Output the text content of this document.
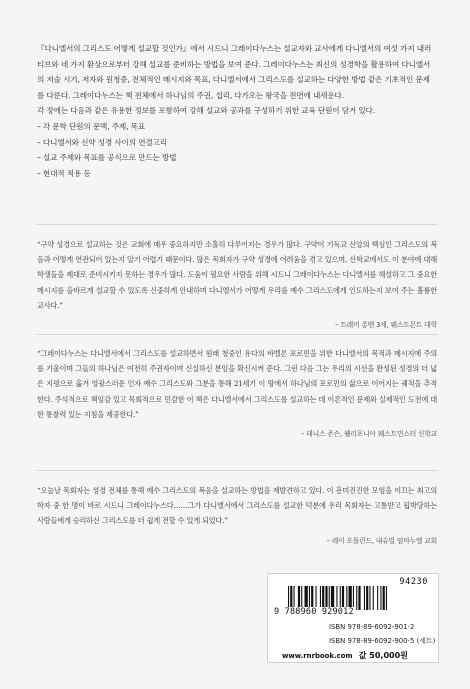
『다니엘서의 그리스도 어떻게 설교할 것인가』에서 시드니 그레이다누스는 설교자와 교사에게 다니엘서의 여섯 가지 내러티브와 네 가지 환상으로부터 강해 설교를 준비하는 방법을 보여 준다. 그레이다누스는 최신의 성경학을 활용하여 다니엘서의 저술 시기, 저자와 원청중, 전체적인 메시지와 목표, 다니엘서에서 그리스도를 설교하는 다양한 방법 같은 기초적인 문제를 다룬다. 그레이다누스는 책 전체에서 하나님의 주권, 섭리, 다가오는 왕국을 전면에 내세운다.

각 장에는 다음과 같은 유용한 정보를 포함하여 강해 설교와 공과를 구성하기 위한 교육 단원이 담겨 있다.

– 각 문학 단원의 문맥, 주제, 목표
– 다니엘서와 신약 성경 사이의 연결고리
– 설교 주제와 목표를 공식으로 만드는 방법
– 현대적 적용 등

“구약 성경으로 설교하는 것은 교회에 매우 중요하지만 소홀히 다루어지는 경우가 많다. 구약이 기독교 신앙의 핵심인 그리스도의 복음과 어떻게 연관되어 있는지 알기 어렵기 때문이다. 많은 목회자가 구약 성경에 어려움을 겪고 있으며, 신학교에서도 이 분야에 대해 학생들을 제대로 준비시키지 못하는 경우가 많다. 도움이 필요한 사람을 위해 시드니 그레이다누스는 다니엘서를 해설하고 그 중요한 메시지를 올바르게 설교할 수 있도록 신중하게 안내하며 다니엘서가 어떻게 우리를 예수 그리스도에게 인도하는지 보여 주는 훌륭한 교사다.”

– 트레머 롱맨 3세, 웨스트몬트 대학

“그레이다누스는 다니엘서에서 그리스도를 설교하면서 원래 청중인 유다의 바벨론 포로민을 위한 다니엘서의 목적과 메시지에 주의를 기울이며 그들의 하나님은 여전히 주권자이며 신실하신 분임을 확신시켜 준다. 그런 다음 그는 우리의 시선을 완성된 성경의 더 넓은 지평으로 옮겨 영광스러운 인자 예수 그리스도와 그분을 통해 21세기 이 땅에서 하나님의 포로민의 삶으로 이어지는 궤적을 추적한다. 주석적으로 책임감 있고 목회적으로 민감한 이 책은 다니엘서에서 그리스도를 설교하는 데 이론적인 문제와 실제적인 도전에 대한 통찰력 있는 지침을 제공한다.”

– 데니스 존슨, 웰리포니아 웨스트민스터 신학교

“오늘날 목회자는 성경 전체를 통해 예수 그리스도의 복음을 설교하는 방법을 재발견하고 있다. 이 흥미진진한 모험을 이끄는 최고의 학자 중 한 명이 바로 시드니 그레이다누스다……그가 다니엘서에서 그리스도를 설교한 덕분에 우리 목회자는 고통받고 핍박당하는 사람들에게 승리하신 그리스도를 더 쉽게 전할 수 있게 되었다.”

– 레이 오틀런드, 내슈빌 임마누엘 교회
94230
9 788960 929012
ISBN 978-89-6092-901-2
ISBN 978-89-6092-900-5 (세트)
www.rnrbook.com 값 50,000원
